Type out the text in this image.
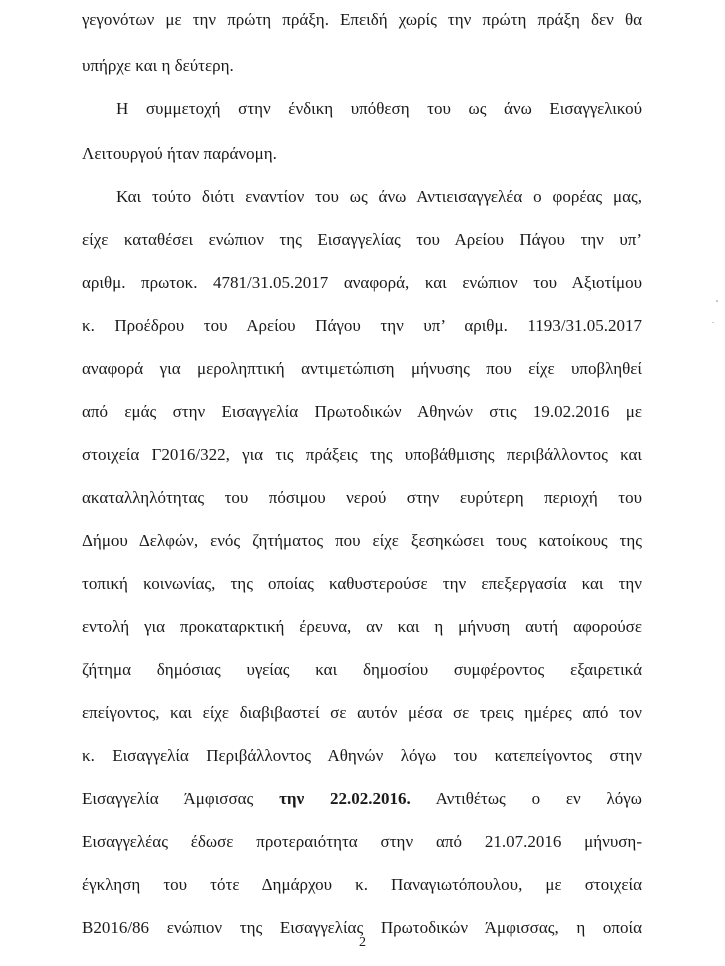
γεγονότων με την πρώτη πράξη. Επειδή χωρίς την πρώτη πράξη δεν θα
υπήρχε και η δεύτερη.
Η συμμετοχή στην ένδικη υπόθεση του ως άνω Εισαγγελικού
Λειτουργού ήταν παράνομη.
Και τούτο διότι εναντίον του ως άνω Αντιεισαγγελέα ο φορέας μας,
είχε καταθέσει ενώπιον της Εισαγγελίας του Αρείου Πάγου την υπ’
αριθμ. πρωτοκ. 4781/31.05.2017 αναφορά, και ενώπιον του Αξιοτίμου
κ. Προέδρου του Αρείου Πάγου την υπ’ αριθμ. 1193/31.05.2017
αναφορά για μεροληπτική αντιμετώπιση μήνυσης που είχε υποβληθεί
από εμάς στην Εισαγγελία Πρωτοδικών Αθηνών στις 19.02.2016 με
στοιχεία Γ2016/322, για τις πράξεις της υποβάθμισης περιβάλλοντος και
ακαταλληλότητας του πόσιμου νερού στην ευρύτερη περιοχή του
Δήμου Δελφών, ενός ζητήματος που είχε ξεσηκώσει τους κατοίκους της
τοπική κοινωνίας, της οποίας καθυστερούσε την επεξεργασία και την
εντολή για προκαταρκτική έρευνα, αν και η μήνυση αυτή αφορούσε
ζήτημα δημόσιας υγείας και δημοσίου συμφέροντος εξαιρετικά
επείγοντος, και είχε διαβιβαστεί σε αυτόν μέσα σε τρεις ημέρες από τον
κ. Εισαγγελία Περιβάλλοντος Αθηνών λόγω του κατεπείγοντος στην
Εισαγγελία Άμφισσας την 22.02.2016. Αντιθέτως ο εν λόγω
Εισαγγελέας έδωσε προτεραιότητα στην από 21.07.2016 μήνυση-
έγκληση του τότε Δημάρχου κ. Παναγιωτόπουλου, με στοιχεία
Β2016/86 ενώπιον της Εισαγγελίας Πρωτοδικών Άμφισσας, η οποία
2
